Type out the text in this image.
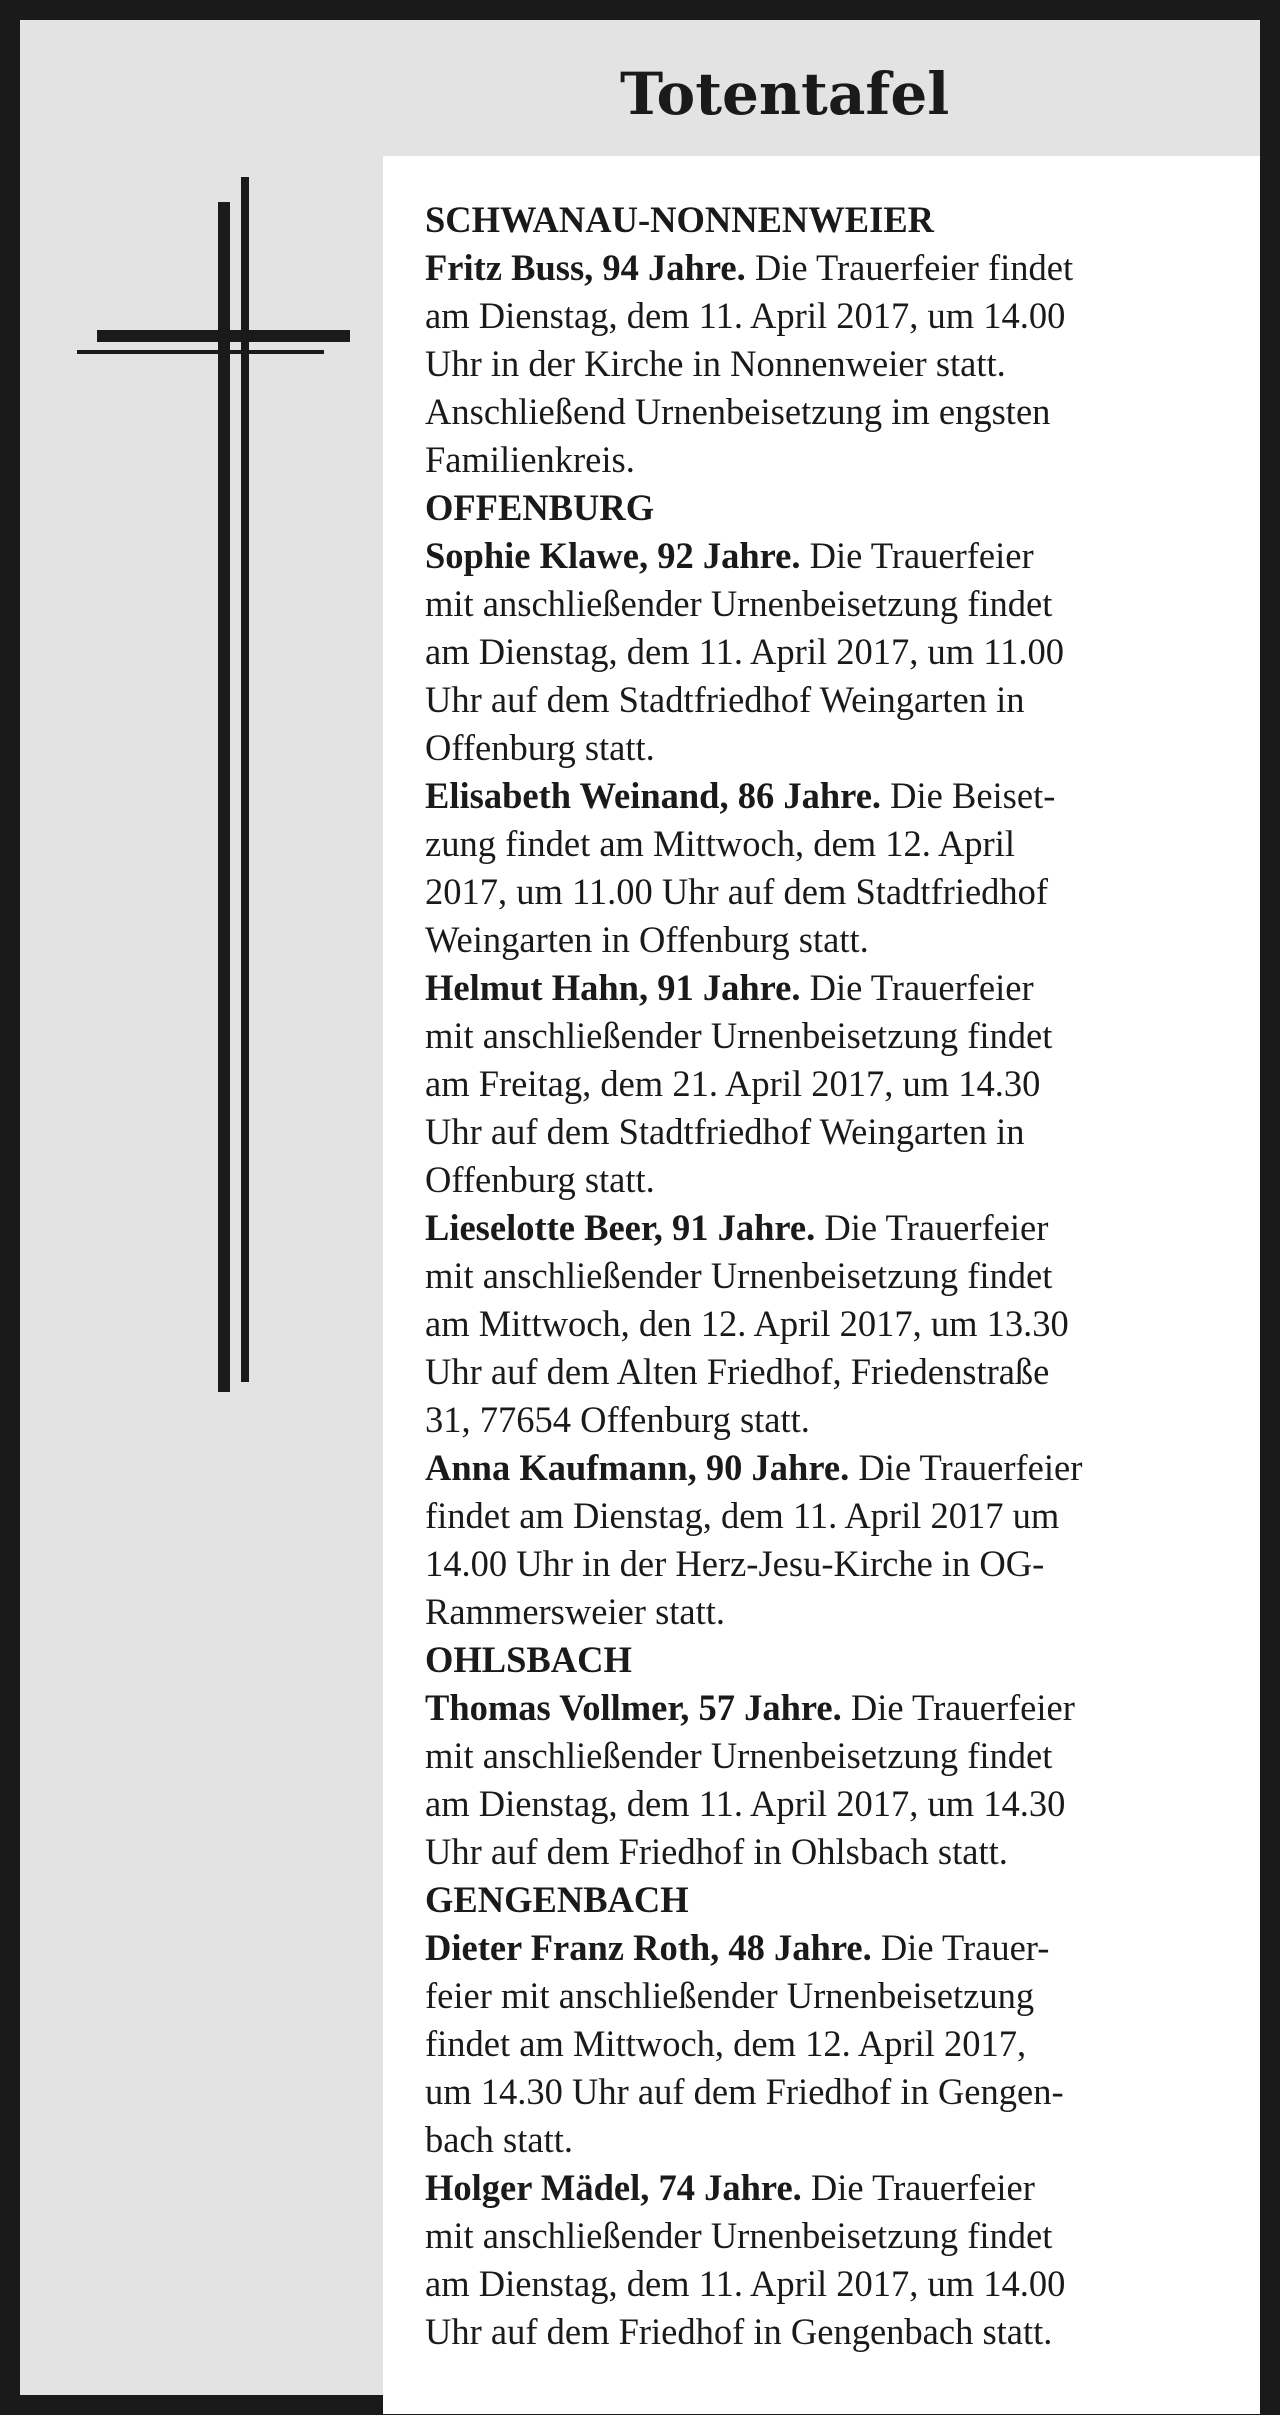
Totentafel

SCHWANAU-NONNENWEIER

Fritz Buss, 94 Jahre. Die Trauerfeier findet

am Dienstag, dem 11. April 2017, um 14.00

Uhr in der Kirche in Nonnenweier statt.

Anschließend Urnenbeisetzung im engsten

Familienkreis.

OFFENBURG

Sophie Klawe, 92 Jahre. Die Trauerfeier

mit anschließender Urnenbeisetzung findet

am Dienstag, dem 11. April 2017, um 11.00

Uhr auf dem Stadtfriedhof Weingarten in

Offenburg statt.

Elisabeth Weinand, 86 Jahre. Die Beiset-

zung findet am Mittwoch, dem 12. April

2017, um 11.00 Uhr auf dem Stadtfriedhof

Weingarten in Offenburg statt.

Helmut Hahn, 91 Jahre. Die Trauerfeier

mit anschließender Urnenbeisetzung findet

am Freitag, dem 21. April 2017, um 14.30

Uhr auf dem Stadtfriedhof Weingarten in

Offenburg statt.

Lieselotte Beer, 91 Jahre. Die Trauerfeier

mit anschließender Urnenbeisetzung findet

am Mittwoch, den 12. April 2017, um 13.30

Uhr auf dem Alten Friedhof, Friedenstraße

31, 77654 Offenburg statt.

Anna Kaufmann, 90 Jahre. Die Trauerfeier

findet am Dienstag, dem 11. April 2017 um

14.00 Uhr in der Herz-Jesu-Kirche in OG-

Rammersweier statt.

OHLSBACH

Thomas Vollmer, 57 Jahre. Die Trauerfeier

mit anschließender Urnenbeisetzung findet

am Dienstag, dem 11. April 2017, um 14.30

Uhr auf dem Friedhof in Ohlsbach statt.

GENGENBACH

Dieter Franz Roth, 48 Jahre. Die Trauer-

feier mit anschließender Urnenbeisetzung

findet am Mittwoch, dem 12. April 2017,

um 14.30 Uhr auf dem Friedhof in Gengen-

bach statt.

Holger Mädel, 74 Jahre. Die Trauerfeier

mit anschließender Urnenbeisetzung findet

am Dienstag, dem 11. April 2017, um 14.00

Uhr auf dem Friedhof in Gengenbach statt.
